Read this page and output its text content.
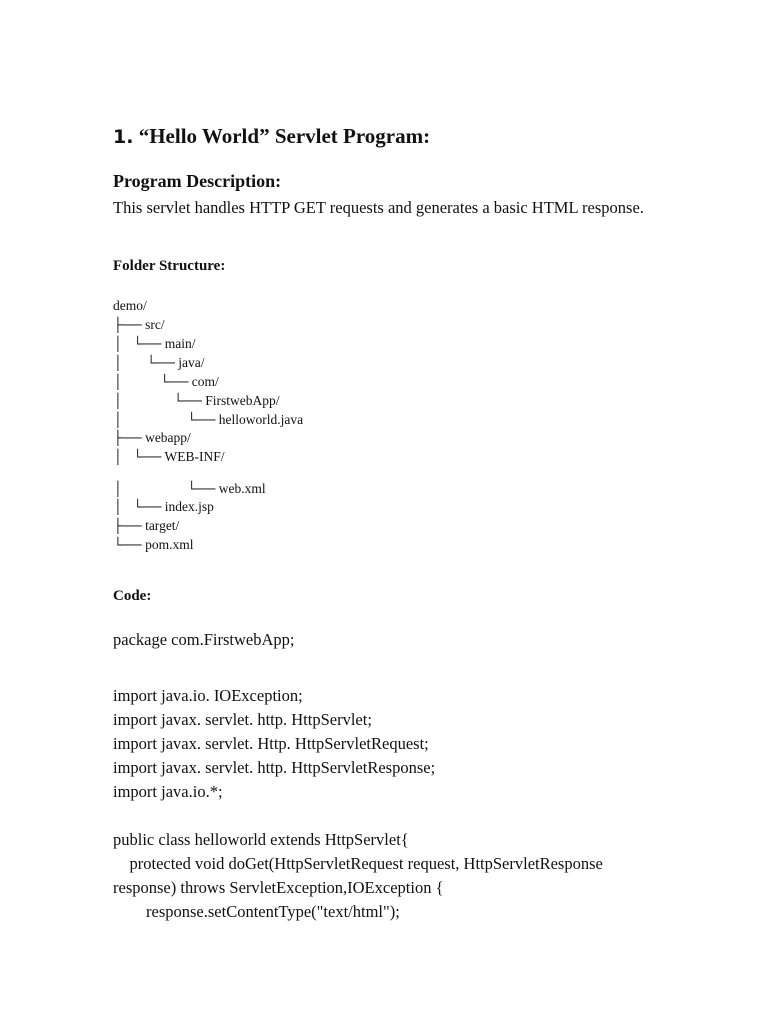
1. “Hello World” Servlet Program:
Program Description:
This servlet handles HTTP GET requests and generates a basic HTML response.
Folder Structure:
demo/
├── src/
│   └── main/
│       └── java/
│           └── com/
│               └── FirstwebApp/
│                   └── helloworld.java
├── webapp/
│   └── WEB-INF/
│                   └── web.xml
│   └── index.jsp
├── target/
└── pom.xml
Code:
package com.FirstwebApp;
import java.io. IOException;
import javax. servlet. http. HttpServlet;
import javax. servlet. Http. HttpServletRequest;
import javax. servlet. http. HttpServletResponse;
import java.io.*;
public class helloworld extends HttpServlet{
protected void doGet(HttpServletRequest request, HttpServletResponse
response) throws ServletException,IOException {
response.setContentType("text/html");
